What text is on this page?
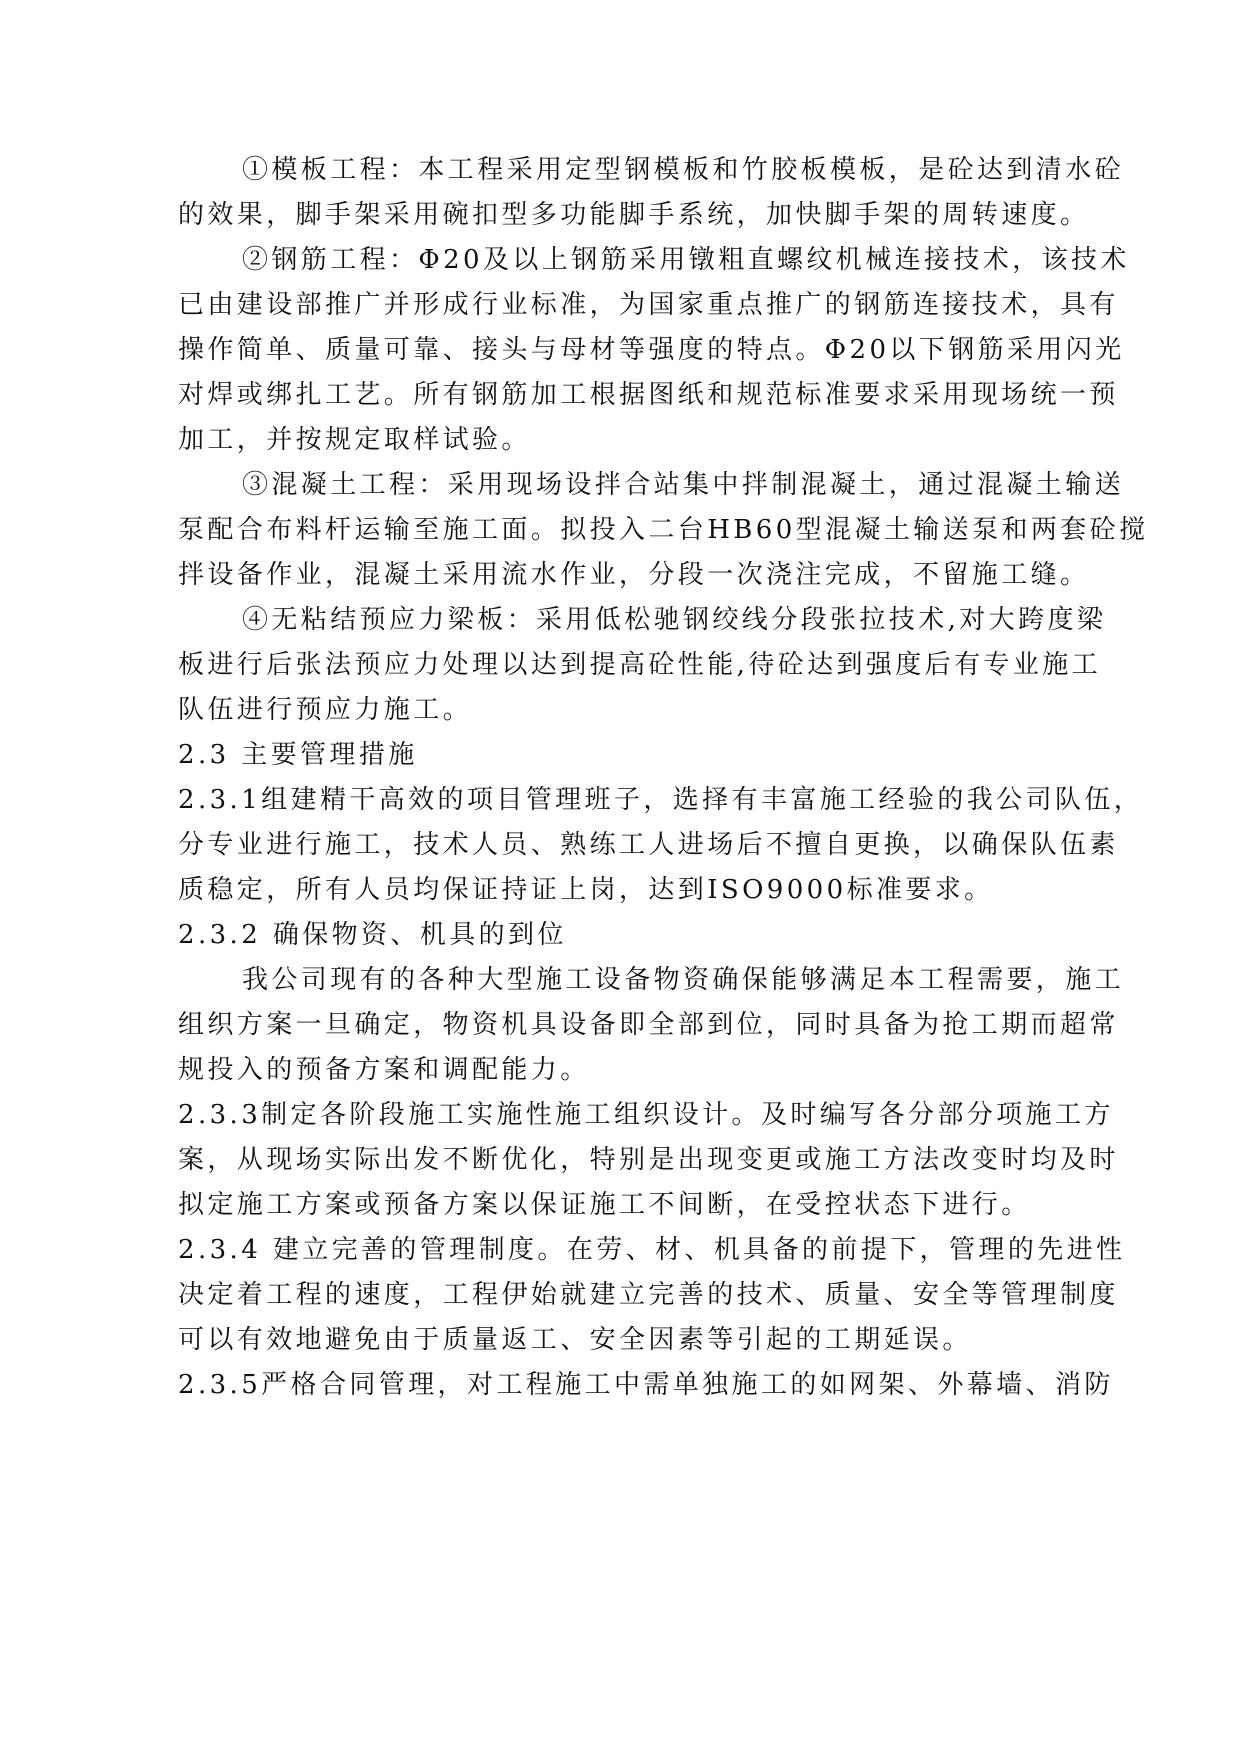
①模板工程：本工程采用定型钢模板和竹胶板模板，是砼达到清水砼
的效果，脚手架采用碗扣型多功能脚手系统，加快脚手架的周转速度。
②钢筋工程：Φ20及以上钢筋采用镦粗直螺纹机械连接技术，该技术
已由建设部推广并形成行业标准，为国家重点推广的钢筋连接技术，具有
操作简单、质量可靠、接头与母材等强度的特点。Φ20以下钢筋采用闪光
对焊或绑扎工艺。所有钢筋加工根据图纸和规范标准要求采用现场统一预
加工，并按规定取样试验。
③混凝土工程：采用现场设拌合站集中拌制混凝土，通过混凝土输送
泵配合布料杆运输至施工面。拟投入二台HB60型混凝土输送泵和两套砼搅
拌设备作业，混凝土采用流水作业，分段一次浇注完成，不留施工缝。
④无粘结预应力梁板：采用低松驰钢绞线分段张拉技术,对大跨度梁
板进行后张法预应力处理以达到提高砼性能,待砼达到强度后有专业施工
队伍进行预应力施工。
2.3 主要管理措施
2.3.1组建精干高效的项目管理班子，选择有丰富施工经验的我公司队伍，
分专业进行施工，技术人员、熟练工人进场后不擅自更换，以确保队伍素
质稳定，所有人员均保证持证上岗，达到ISO9000标准要求。
2.3.2 确保物资、机具的到位
我公司现有的各种大型施工设备物资确保能够满足本工程需要，施工
组织方案一旦确定，物资机具设备即全部到位，同时具备为抢工期而超常
规投入的预备方案和调配能力。
2.3.3制定各阶段施工实施性施工组织设计。及时编写各分部分项施工方
案，从现场实际出发不断优化，特别是出现变更或施工方法改变时均及时
拟定施工方案或预备方案以保证施工不间断，在受控状态下进行。
2.3.4 建立完善的管理制度。在劳、材、机具备的前提下，管理的先进性
决定着工程的速度，工程伊始就建立完善的技术、质量、安全等管理制度
可以有效地避免由于质量返工、安全因素等引起的工期延误。
2.3.5严格合同管理，对工程施工中需单独施工的如网架、外幕墙、消防
